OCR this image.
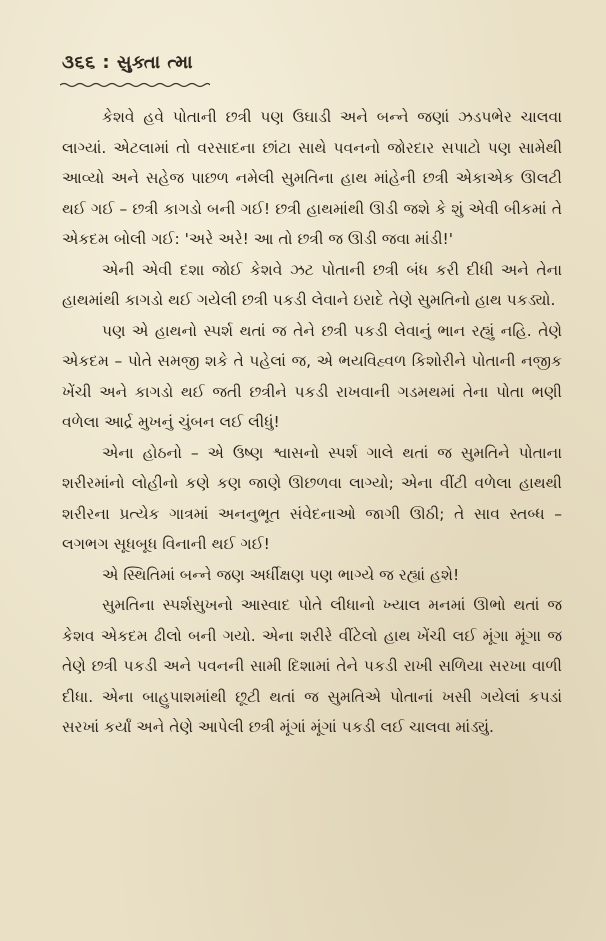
૩૬૬ : સુક્તા ત્મા

કેશવે હવે પોતાની છત્રી પણ ઉઘાડી અને બન્ને જણાં ઝડપભેર ચાલવા લાગ્યાં. એટલામાં તો વરસાદના છાંટા સાથે પવનનો જોરદાર સપાટો પણ સામેથી આવ્યો અને સહેજ પાછળ નમેલી સુમતિના હાથ માંહેની છત્રી એકાએક ઊલટી થઈ ગઈ – છત્રી કાગડો બની ગઈ! છત્રી હાથમાંથી ઊડી જશે કે શું એવી બીકમાં તે એકદમ બોલી ગઈ: 'અરે અરે! આ તો છત્રી જ ઊડી જવા માંડી!'

એની એવી દશા જોઈ કેશવે ઝટ પોતાની છત્રી બંધ કરી દીધી અને તેના હાથમાંથી કાગડો થઈ ગયેલી છત્રી પકડી લેવાને ઇરાદે તેણે સુમતિનો હાથ પકડ્યો.

પણ એ હાથનો સ્પર્શ થતાં જ તેને છત્રી પકડી લેવાનું ભાન રહ્યું નહિ. તેણે એકદમ – પોતે સમજી શકે તે પહેલાં જ, એ ભયવિહ્વળ કિશોરીને પોતાની નજીક ખેંચી અને કાગડો થઈ જતી છત્રીને પકડી રાખવાની ગડમથમાં તેના પોતા ભણી વળેલા આર્દ્ર મુખનું ચુંબન લઈ લીધું!

એના હોઠનો – એ ઉષ્ણ શ્વાસનો સ્પર્શ ગાલે થતાં જ સુમતિને પોતાના શરીરમાંનો લોહીનો કણે કણ જાણે ઊછળવા લાગ્યો; એના વીંટી વળેલા હાથથી શરીરના પ્રત્યેક ગાત્રમાં અનનુભૂત સંવેદનાઓ જાગી ઊઠી; તે સાવ સ્તબ્ધ – લગભગ સૂધબૂધ વિનાની થઈ ગઈ!

એ સ્થિતિમાં બન્ને જણ અર્ધીક્ષણ પણ ભાગ્યે જ રહ્યાં હશે!

સુમતિના સ્પર્શસુખનો આસ્વાદ પોતે લીધાનો ખ્યાલ મનમાં ઊભો થતાં જ કેશવ એકદમ ઢીલો બની ગયો. એના શરીરે વીંટેલો હાથ ખેંચી લઈ મૂંગા મૂંગા જ તેણે છત્રી પકડી અને પવનની સામી દિશામાં તેને પકડી રાખી સળિયા સરખા વાળી દીધા. એના બાહુપાશમાંથી છૂટી થતાં જ સુમતિએ પોતાનાં ખસી ગયેલાં કપડાં સરખાં કર્યાં અને તેણે આપેલી છત્રી મૂંગાં મૂંગાં પકડી લઈ ચાલવા માંડ્યું.
